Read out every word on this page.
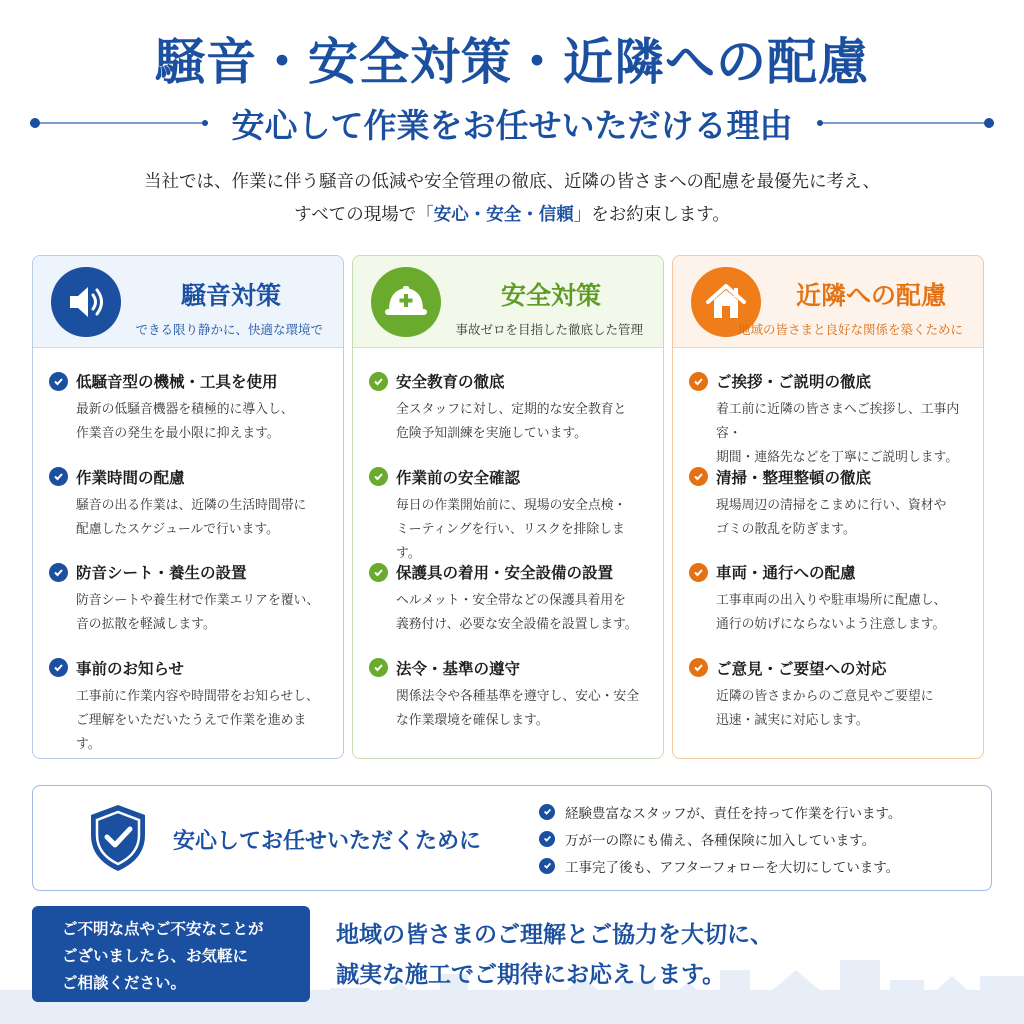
騒音・安全対策・近隣への配慮
安心して作業をお任せいただける理由
当社では、作業に伴う騒音の低減や安全管理の徹底、近隣の皆さまへの配慮を最優先に考え、
すべての現場で「安心・安全・信頼」をお約束します。
騒音対策
できる限り静かに、快適な環境で
低騒音型の機械・工具を使用
最新の低騒音機器を積極的に導入し、
作業音の発生を最小限に抑えます。
作業時間の配慮
騒音の出る作業は、近隣の生活時間帯に
配慮したスケジュールで行います。
防音シート・養生の設置
防音シートや養生材で作業エリアを覆い、
音の拡散を軽減します。
事前のお知らせ
工事前に作業内容や時間帯をお知らせし、
ご理解をいただいたうえで作業を進めます。
安全対策
事故ゼロを目指した徹底した管理
安全教育の徹底
全スタッフに対し、定期的な安全教育と
危険予知訓練を実施しています。
作業前の安全確認
毎日の作業開始前に、現場の安全点検・
ミーティングを行い、リスクを排除します。
保護具の着用・安全設備の設置
ヘルメット・安全帯などの保護具着用を
義務付け、必要な安全設備を設置します。
法令・基準の遵守
関係法令や各種基準を遵守し、安心・安全
な作業環境を確保します。
近隣への配慮
地域の皆さまと良好な関係を築くために
ご挨拶・ご説明の徹底
着工前に近隣の皆さまへご挨拶し、工事内容・
期間・連絡先などを丁寧にご説明します。
清掃・整理整頓の徹底
現場周辺の清掃をこまめに行い、資材や
ゴミの散乱を防ぎます。
車両・通行への配慮
工事車両の出入りや駐車場所に配慮し、
通行の妨げにならないよう注意します。
ご意見・ご要望への対応
近隣の皆さまからのご意見やご要望に
迅速・誠実に対応します。
安心してお任せいただくために
経験豊富なスタッフが、責任を持って作業を行います。
万が一の際にも備え、各種保険に加入しています。
工事完了後も、アフターフォローを大切にしています。
ご不明な点やご不安なことが
ございましたら、お気軽に
ご相談ください。
地域の皆さまのご理解とご協力を大切に、
誠実な施工でご期待にお応えします。
